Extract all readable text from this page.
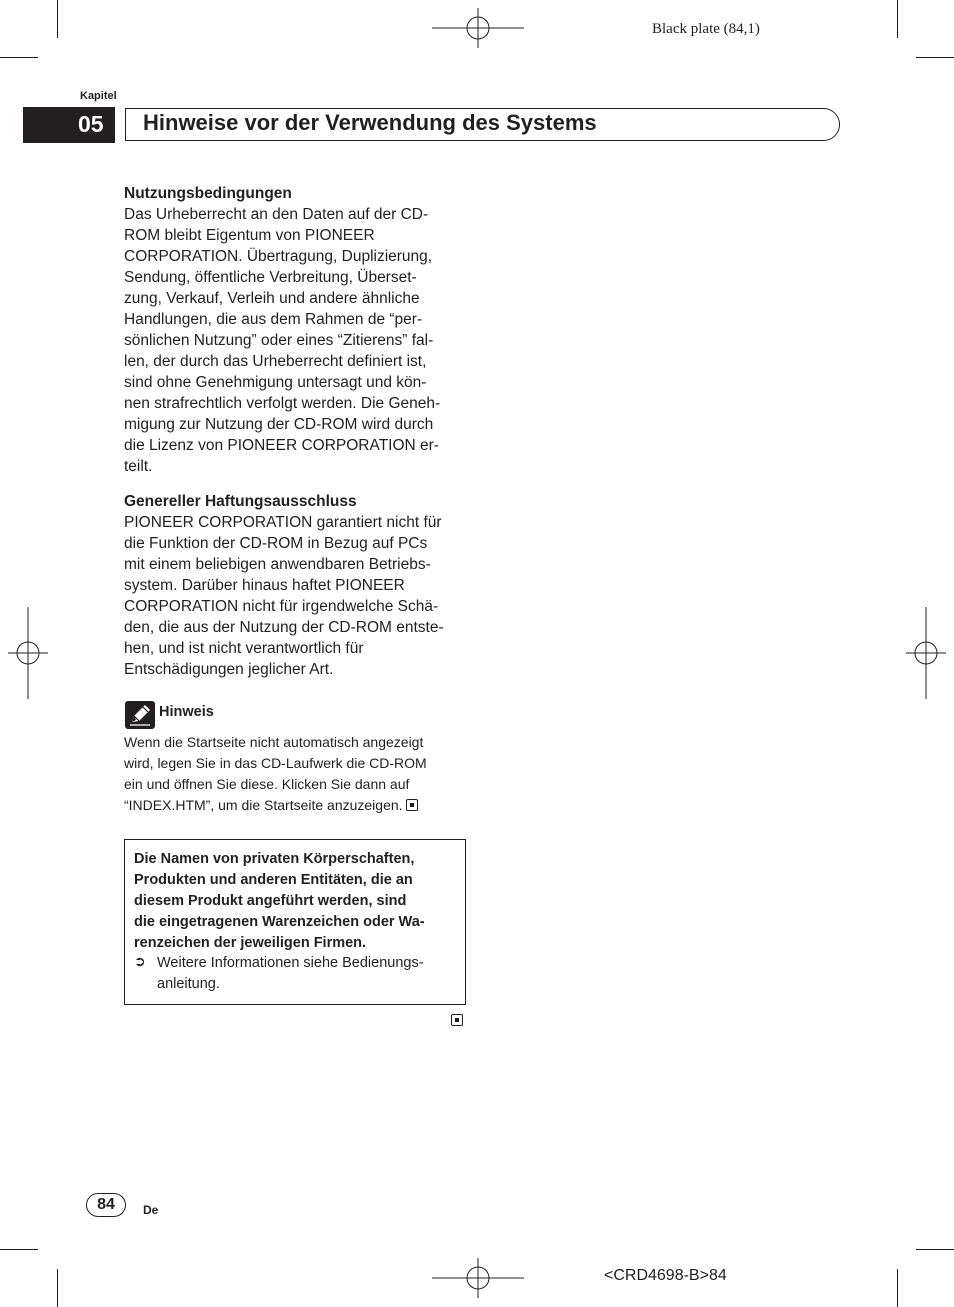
Black plate (84,1)
Kapitel
05 Hinweise vor der Verwendung des Systems
Nutzungsbedingungen
Das Urheberrecht an den Daten auf der CD-
ROM bleibt Eigentum von PIONEER
CORPORATION. Übertragung, Duplizierung,
Sendung, öffentliche Verbreitung, Überset-
zung, Verkauf, Verleih und andere ähnliche
Handlungen, die aus dem Rahmen de “per-
sönlichen Nutzung” oder eines “Zitierens” fal-
len, der durch das Urheberrecht definiert ist,
sind ohne Genehmigung untersagt und kön-
nen strafrechtlich verfolgt werden. Die Geneh-
migung zur Nutzung der CD-ROM wird durch
die Lizenz von PIONEER CORPORATION er-
teilt.
Genereller Haftungsausschluss
PIONEER CORPORATION garantiert nicht für
die Funktion der CD-ROM in Bezug auf PCs
mit einem beliebigen anwendbaren Betriebs-
system. Darüber hinaus haftet PIONEER
CORPORATION nicht für irgendwelche Schä-
den, die aus der Nutzung der CD-ROM entste-
hen, und ist nicht verantwortlich für
Entschädigungen jeglicher Art.
Hinweis
Wenn die Startseite nicht automatisch angezeigt
wird, legen Sie in das CD-Laufwerk die CD-ROM
ein und öffnen Sie diese. Klicken Sie dann auf
“INDEX.HTM”, um die Startseite anzuzeigen.
Die Namen von privaten Körperschaften,
Produkten und anderen Entitäten, die an
diesem Produkt angeführt werden, sind
die eingetragenen Warenzeichen oder Wa-
renzeichen der jeweiligen Firmen.
➲ Weitere Informationen siehe Bedienungs-
anleitung.
84	De
<CRD4698-B>84
